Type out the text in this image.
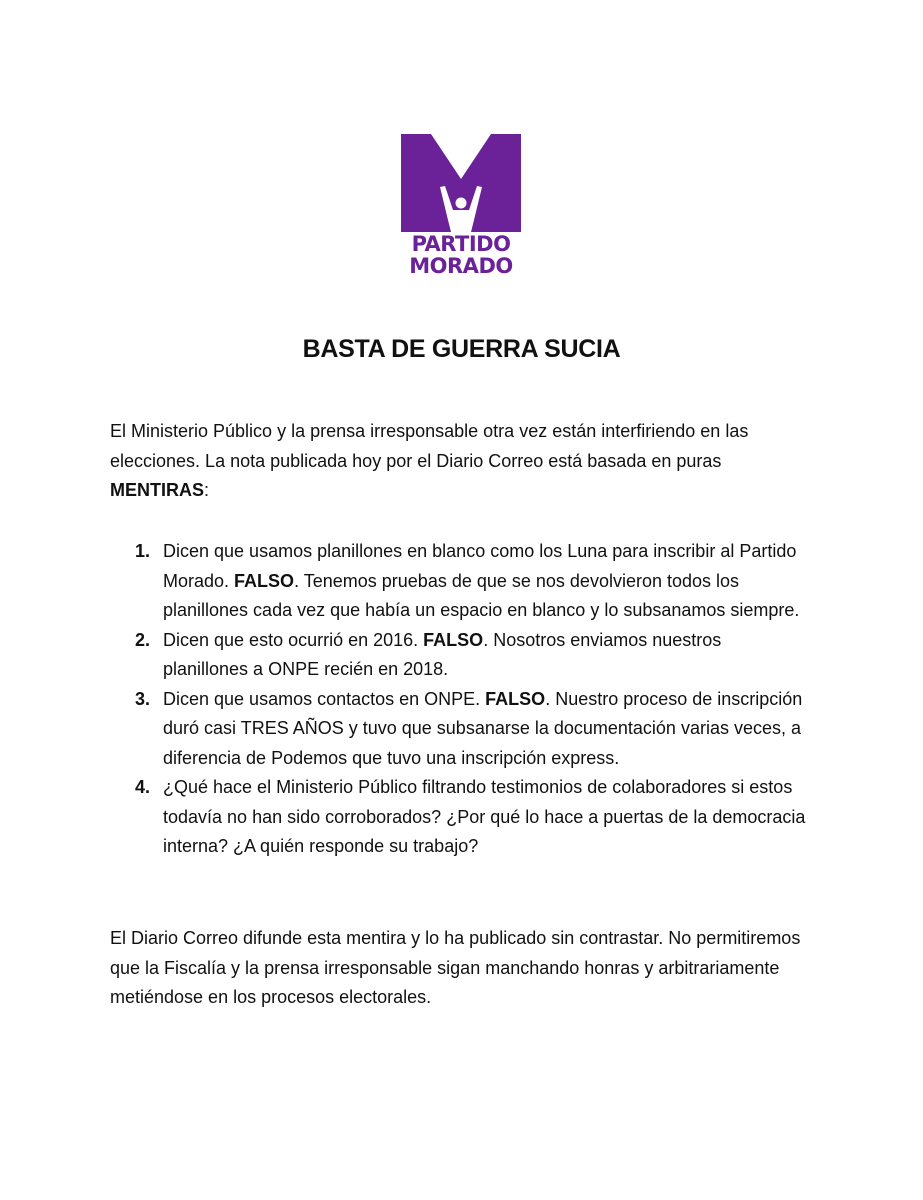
PARTIDO
MORADO
BASTA DE GUERRA SUCIA

El Ministerio Público y la prensa irresponsable otra vez están interfiriendo en las elecciones. La nota publicada hoy por el Diario Correo está basada en puras MENTIRAS:

1. Dicen que usamos planillones en blanco como los Luna para inscribir al Partido Morado. FALSO. Tenemos pruebas de que se nos devolvieron todos los planillones cada vez que había un espacio en blanco y lo subsanamos siempre.
2. Dicen que esto ocurrió en 2016. FALSO. Nosotros enviamos nuestros planillones a ONPE recién en 2018.
3. Dicen que usamos contactos en ONPE. FALSO. Nuestro proceso de inscripción duró casi TRES AÑOS y tuvo que subsanarse la documentación varias veces, a diferencia de Podemos que tuvo una inscripción express.
4. ¿Qué hace el Ministerio Público filtrando testimonios de colaboradores si estos todavía no han sido corroborados? ¿Por qué lo hace a puertas de la democracia interna? ¿A quién responde su trabajo?

El Diario Correo difunde esta mentira y lo ha publicado sin contrastar. No permitiremos que la Fiscalía y la prensa irresponsable sigan manchando honras y arbitrariamente metiéndose en los procesos electorales.
